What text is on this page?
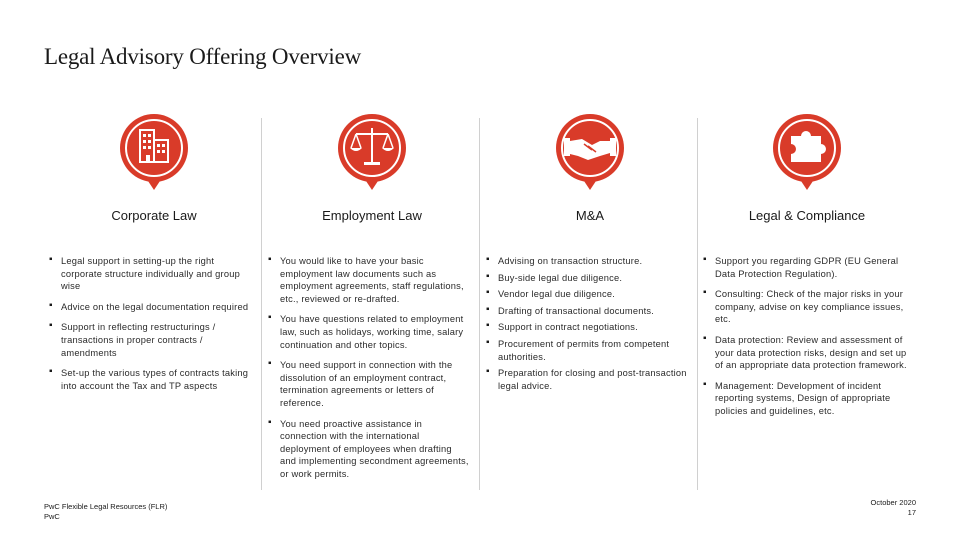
Legal Advisory Offering Overview
Corporate Law
▪ Legal support in setting-up the right corporate structure individually and group wise
▪ Advice on the legal documentation required
▪ Support in reflecting restructurings / transactions in proper contracts / amendments
▪ Set-up the various types of contracts taking into account the Tax and TP aspects
Employment Law
▪ You would like to have your basic employment law documents such as employment agreements, staff regulations, etc., reviewed or re-drafted.
▪ You have questions related to employment law, such as holidays, working time, salary continuation and other topics.
▪ You need support in connection with the dissolution of an employment contract, termination agreements or letters of reference.
▪ You need proactive assistance in connection with the international deployment of employees when drafting and implementing secondment agreements, or work permits.
M&A
▪ Advising on transaction structure.
▪ Buy-side legal due diligence.
▪ Vendor legal due diligence.
▪ Drafting of transactional documents.
▪ Support in contract negotiations.
▪ Procurement of permits from competent authorities.
▪ Preparation for closing and post-transaction legal advice.
Legal & Compliance
▪ Support you regarding GDPR (EU General Data Protection Regulation).
▪ Consulting: Check of the major risks in your company, advise on key compliance issues, etc.
▪ Data protection: Review and assessment of your data protection risks, design and set up of an appropriate data protection framework.
▪ Management: Development of incident reporting systems, Design of appropriate policies and guidelines, etc.
PwC Flexible Legal Resources (FLR)
PwC
October 2020
17
